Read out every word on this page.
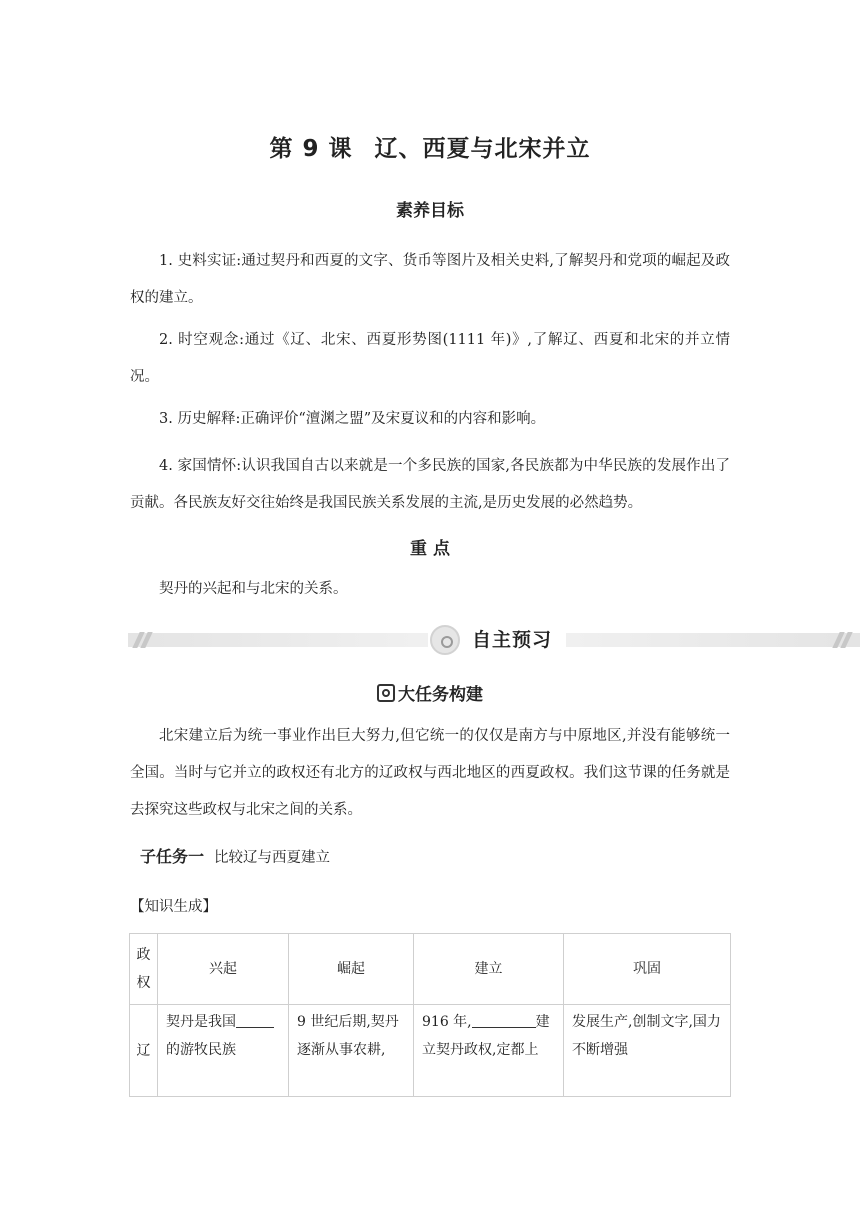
第 9 课 辽、西夏与北宋并立
素养目标
1. 史料实证:通过契丹和西夏的文字、货币等图片及相关史料,了解契丹和党项的崛起及政权的建立。
2. 时空观念:通过《辽、北宋、西夏形势图(1111 年)》,了解辽、西夏和北宋的并立情况。
3. 历史解释:正确评价“澶渊之盟”及宋夏议和的内容和影响。
4. 家国情怀:认识我国自古以来就是一个多民族的国家,各民族都为中华民族的发展作出了贡献。各民族友好交往始终是我国民族关系发展的主流,是历史发展的必然趋势。
重 点
契丹的兴起和与北宋的关系。
自主预习
大任务构建
北宋建立后为统一事业作出巨大努力,但它统一的仅仅是南方与中原地区,并没有能够统一全国。当时与它并立的政权还有北方的辽政权与西北地区的西夏政权。我们这节课的任务就是去探究这些政权与北宋之间的关系。
子任务一 比较辽与西夏建立
【知识生成】
政权	兴起	崛起	建立	巩固
辽	契丹是我国的游牧民族	9 世纪后期,契丹逐渐从事农耕,	916 年, 建立契丹政权,定都上	发展生产,创制文字,国力不断增强
